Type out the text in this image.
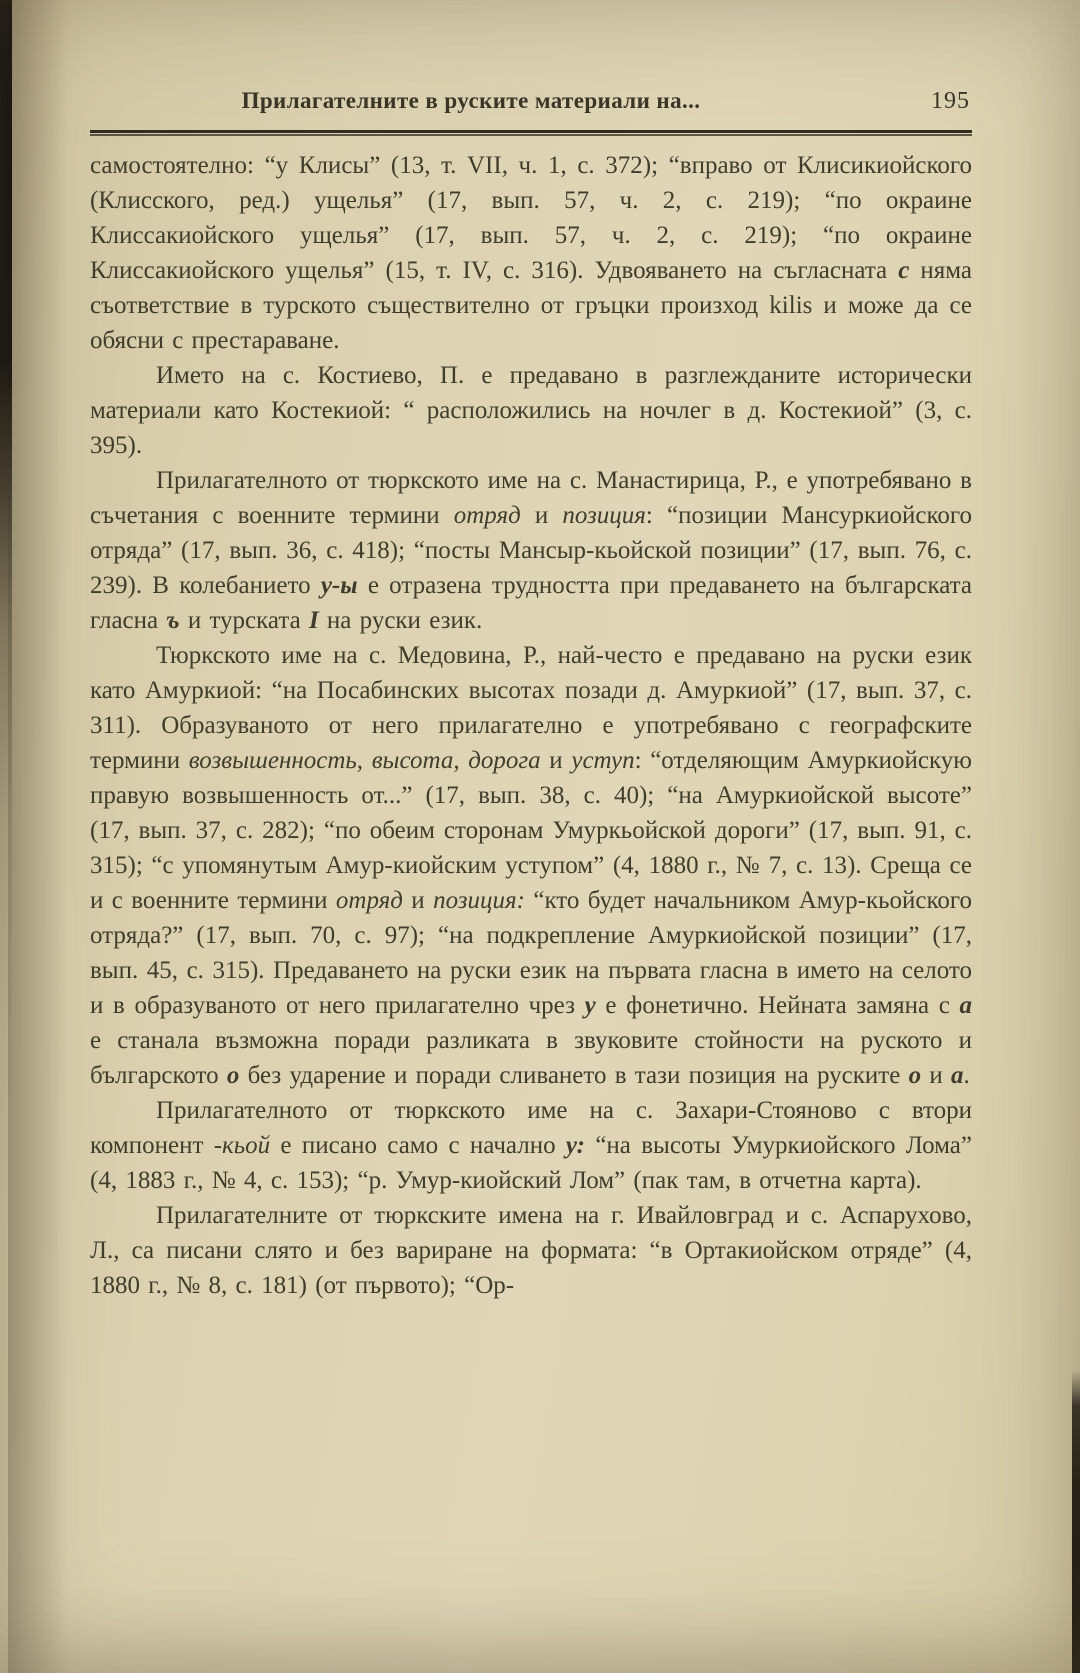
Прилагателните в руските материали на...	195

самостоятелно: “у Клисы” (13, т. VII, ч. 1, с. 372); “вправо от Клисикиойского (Клисского, ред.) ущелья” (17, вып. 57, ч. 2, с. 219); “по окраине Клиссакиойского ущелья” (17, вып. 57, ч. 2, с. 219); “по окраине Клиссакиойского ущелья” (15, т. IV, с. 316). Удвояването на съгласната с няма съответствие в турското съществително от гръцки произход kilis и може да се обясни с престараване.

Името на с. Костиево, П. е предавано в разглежданите исторически материали като Костекиой: “ расположились на ночлег в д. Костекиой” (3, с. 395).

Прилагателното от тюркското име на с. Манастирица, Р., е употребявано в съчетания с военните термини отряд и позиция: “позиции Мансуркиойского отряда” (17, вып. 36, с. 418); “посты Мансыр-кьойской позиции” (17, вып. 76, с. 239). В колебанието у-ы е отразена трудността при предаването на българската гласна ъ и турската I на руски език.

Тюркското име на с. Медовина, Р., най-често е предавано на руски език като Амуркиой: “на Посабинских высотах позади д. Амуркиой” (17, вып. 37, с. 311). Образуваното от него прилагателно е употребявано с географските термини возвышенность, высота, дорога и уступ: “отделяющим Амуркиойскую правую возвышенность от...” (17, вып. 38, с. 40); “на Амуркиойской высоте” (17, вып. 37, с. 282); “по обеим сторонам Умуркьойской дороги” (17, вып. 91, с. 315); “с упомянутым Амур-киойским уступом” (4, 1880 г., № 7, с. 13). Среща се и с военните термини отряд и позиция: “кто будет начальником Амур-кьойского отряда?” (17, вып. 70, с. 97); “на подкрепление Амуркиойской позиции” (17, вып. 45, с. 315). Предаването на руски език на първата гласна в името на селото и в образуваното от него прилагателно чрез у е фонетично. Нейната замяна с а е станала възможна поради разликата в звуковите стойности на руското и българското о без ударение и поради сливането в тази позиция на руските о и а.

Прилагателното от тюркското име на с. Захари-Стояново с втори компонент -кьой е писано само с начално у: “на высоты Умуркиойского Лома” (4, 1883 г., № 4, с. 153); “р. Умур-киойский Лом” (пак там, в отчетна карта).

Прилагателните от тюркските имена на г. Ивайловград и с. Аспарухово, Л., са писани слято и без вариране на формата: “в Ортакиойском отряде” (4, 1880 г., № 8, с. 181) (от първото); “Ор-
